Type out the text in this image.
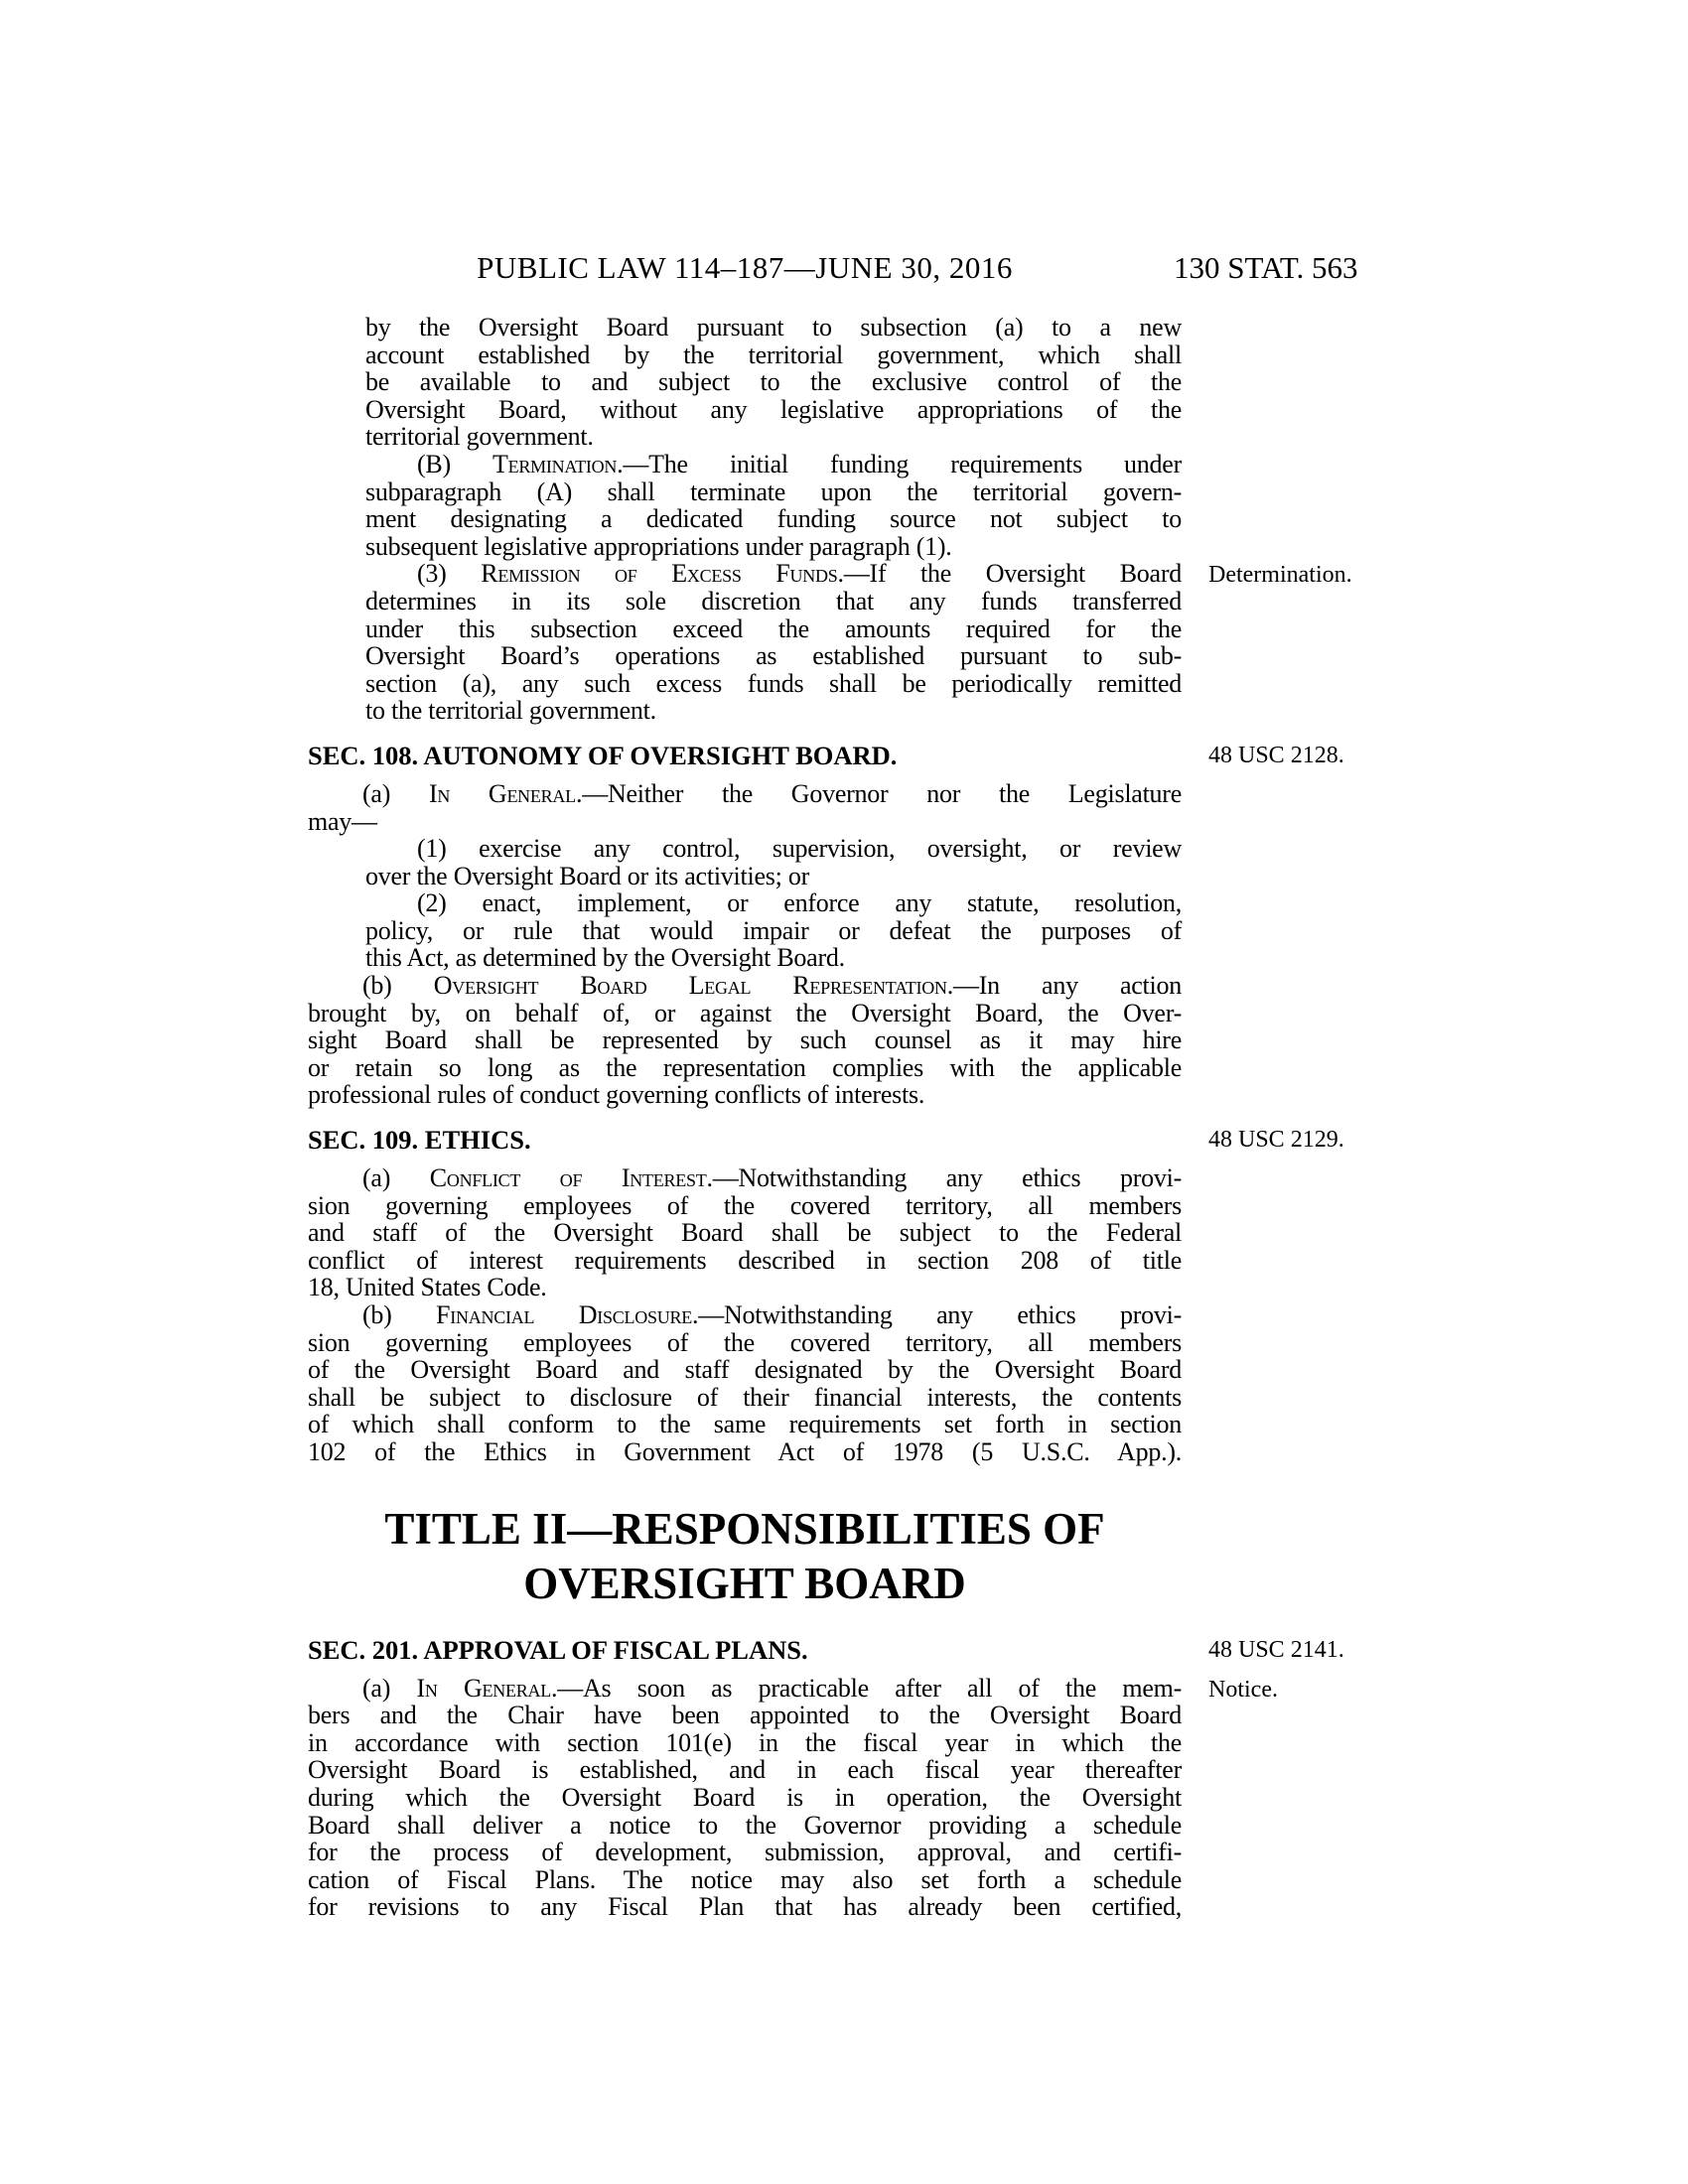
PUBLIC LAW 114–187—JUNE 30, 2016	130 STAT. 563
by the Oversight Board pursuant to subsection (a) to a new
account established by the territorial government, which shall
be available to and subject to the exclusive control of the
Oversight Board, without any legislative appropriations of the
territorial government.
(B) Termination.—The initial funding requirements under
subparagraph (A) shall terminate upon the territorial govern-
ment designating a dedicated funding source not subject to
subsequent legislative appropriations under paragraph (1).
(3) Remission of Excess Funds.—If the Oversight Board
determines in its sole discretion that any funds transferred
under this subsection exceed the amounts required for the
Oversight Board’s operations as established pursuant to sub-
section (a), any such excess funds shall be periodically remitted
to the territorial government.
SEC. 108. AUTONOMY OF OVERSIGHT BOARD.
(a) In General.—Neither the Governor nor the Legislature
may—
(1) exercise any control, supervision, oversight, or review
over the Oversight Board or its activities; or
(2) enact, implement, or enforce any statute, resolution,
policy, or rule that would impair or defeat the purposes of
this Act, as determined by the Oversight Board.
(b) Oversight Board Legal Representation.—In any action
brought by, on behalf of, or against the Oversight Board, the Over-
sight Board shall be represented by such counsel as it may hire
or retain so long as the representation complies with the applicable
professional rules of conduct governing conflicts of interests.
SEC. 109. ETHICS.
(a) Conflict of Interest.—Notwithstanding any ethics provi-
sion governing employees of the covered territory, all members
and staff of the Oversight Board shall be subject to the Federal
conflict of interest requirements described in section 208 of title
18, United States Code.
(b) Financial Disclosure.—Notwithstanding any ethics provi-
sion governing employees of the covered territory, all members
of the Oversight Board and staff designated by the Oversight Board
shall be subject to disclosure of their financial interests, the contents
of which shall conform to the same requirements set forth in section
102 of the Ethics in Government Act of 1978 (5 U.S.C. App.).
TITLE II—RESPONSIBILITIES OF
OVERSIGHT BOARD
SEC. 201. APPROVAL OF FISCAL PLANS.
(a) In General.—As soon as practicable after all of the mem-
bers and the Chair have been appointed to the Oversight Board
in accordance with section 101(e) in the fiscal year in which the
Oversight Board is established, and in each fiscal year thereafter
during which the Oversight Board is in operation, the Oversight
Board shall deliver a notice to the Governor providing a schedule
for the process of development, submission, approval, and certifi-
cation of Fiscal Plans. The notice may also set forth a schedule
for revisions to any Fiscal Plan that has already been certified,
Determination.
48 USC 2128.
48 USC 2129.
48 USC 2141.
Notice.
